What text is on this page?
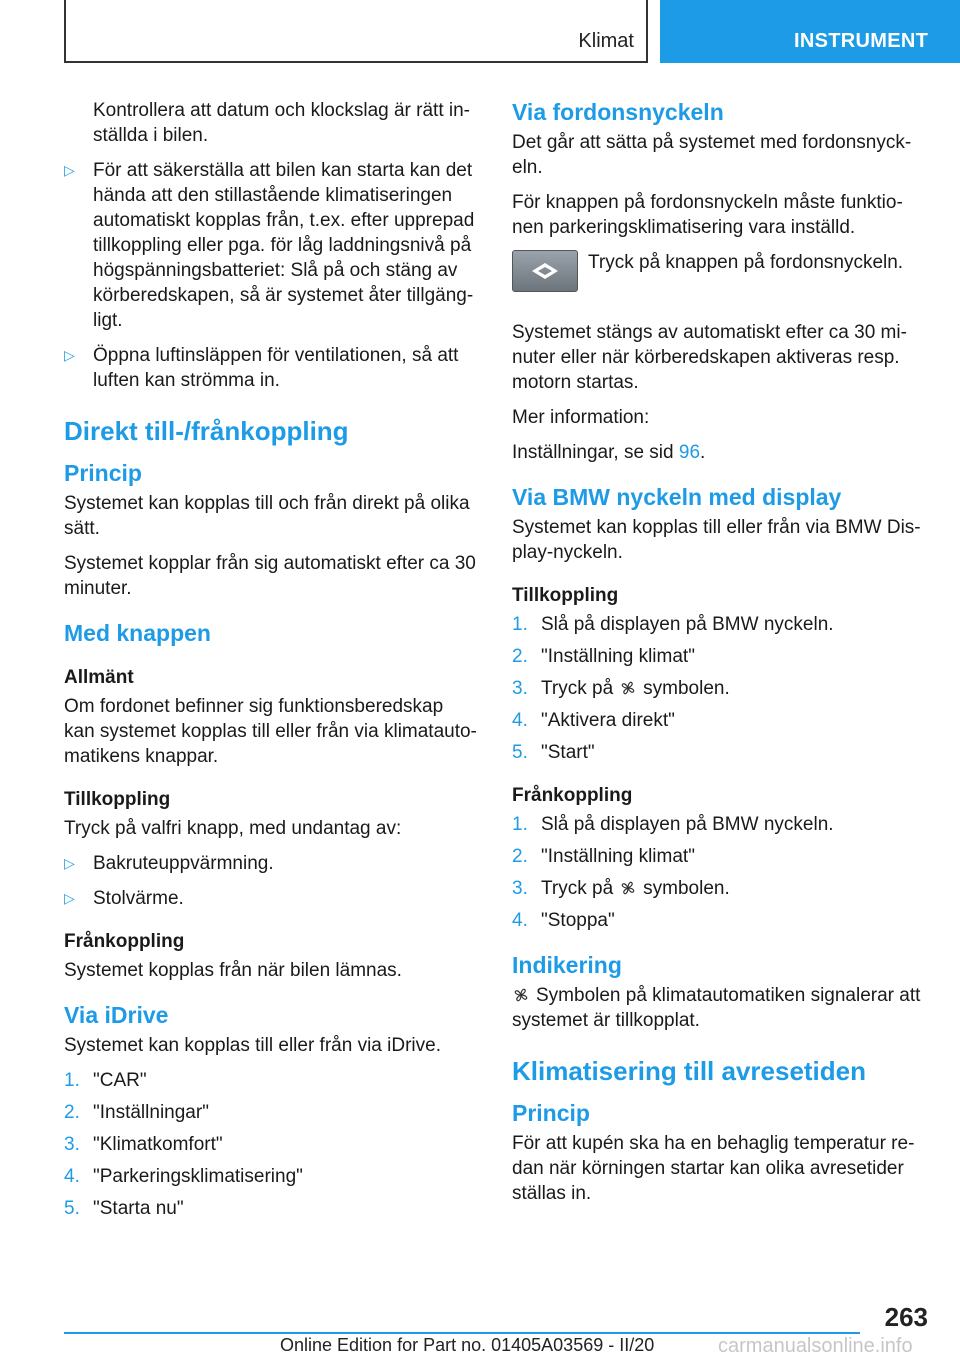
Klimat	INSTRUMENT

Kontrollera att datum och klockslag är rätt in-ställda i bilen.

▷ För att säkerställa att bilen kan starta kan det hända att den stillastående klimatiseringen automatiskt kopplas från, t.ex. efter upprepad tillkoppling eller pga. för låg laddningsnivå på högspänningsbatteriet: Slå på och stäng av körberedskapen, så är systemet åter tillgäng-ligt.
▷ Öppna luftinsläppen för ventilationen, så att luften kan strömma in.
Direkt till-/frånkoppling
Princip

Systemet kan kopplas till och från direkt på olika sätt.

Systemet kopplar från sig automatiskt efter ca 30 minuter.

Med knappen
Allmänt

Om fordonet befinner sig funktionsberedskap kan systemet kopplas till eller från via klimatauto-matikens knappar.

Tillkoppling

Tryck på valfri knapp, med undantag av:

▷ Bakruteuppvärmning.
▷ Stolvärme.
Frånkoppling

Systemet kopplas från när bilen lämnas.

Via iDrive

Systemet kan kopplas till eller från via iDrive.

1. "CAR"
2. "Inställningar"
3. "Klimatkomfort"
4. "Parkeringsklimatisering"
5. "Starta nu"
Via fordonsnyckeln

Det går att sätta på systemet med fordonsnyck-eln.

För knappen på fordonsnyckeln måste funktio-nen parkeringsklimatisering vara inställd.

Tryck på knappen på fordonsnyckeln.

Systemet stängs av automatiskt efter ca 30 mi-nuter eller när körberedskapen aktiveras resp. motorn startas.

Mer information:

Inställningar, se sid 96.

Via BMW nyckeln med display

Systemet kan kopplas till eller från via BMW Dis-play-nyckeln.

Tillkoppling
1. Slå på displayen på BMW nyckeln.
2. "Inställning klimat"
3. Tryck på symbolen.
4. "Aktivera direkt"
5. "Start"
Frånkoppling
1. Slå på displayen på BMW nyckeln.
2. "Inställning klimat"
3. Tryck på symbolen.
4. "Stoppa"
Indikering

Symbolen på klimatautomatiken signalerar att systemet är tillkopplat.

Klimatisering till avresetiden
Princip

För att kupén ska ha en behaglig temperatur re-dan när körningen startar kan olika avresetider ställas in.

263
Online Edition for Part no. 01405A03569 - II/20	carmanualsonline.info
